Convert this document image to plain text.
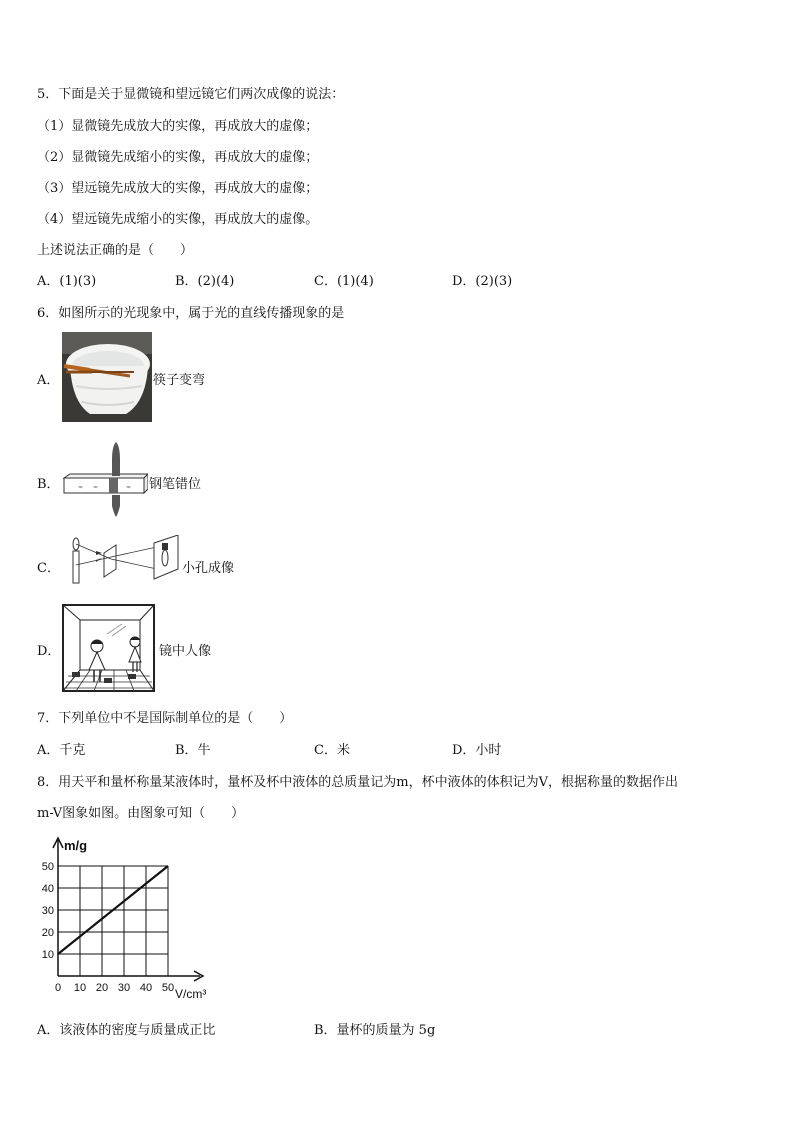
5．下面是关于显微镜和望远镜它们两次成像的说法：
（1）显微镜先成放大的实像，再成放大的虚像；
（2）显微镜先成缩小的实像，再成放大的虚像；
（3）望远镜先成放大的实像，再成放大的虚像；
（4）望远镜先成缩小的实像，再成放大的虚像。
上述说法正确的是（　　）
A．(1)(3)	B．(2)(4)	C．(1)(4)	D．(2)(3)
6．如图所示的光现象中，属于光的直线传播现象的是
A．	筷子变弯
B．	≈ ≈	≈ 钢笔错位
C．	小孔成像
D．	镜中人像
7．下列单位中不是国际制单位的是（　　）
A．千克	B．牛	C．米	D．小时
8．用天平和量杯称量某液体时，量杯及杯中液体的总质量记为m，杯中液体的体积记为V，根据称量的数据作出
m-V图象如图。由图象可知（　　）
0 10 20 30 40 50
10
20
30
40
50
m/g
V/cm³
A．该液体的密度与质量成正比	B．量杯的质量为 5g
